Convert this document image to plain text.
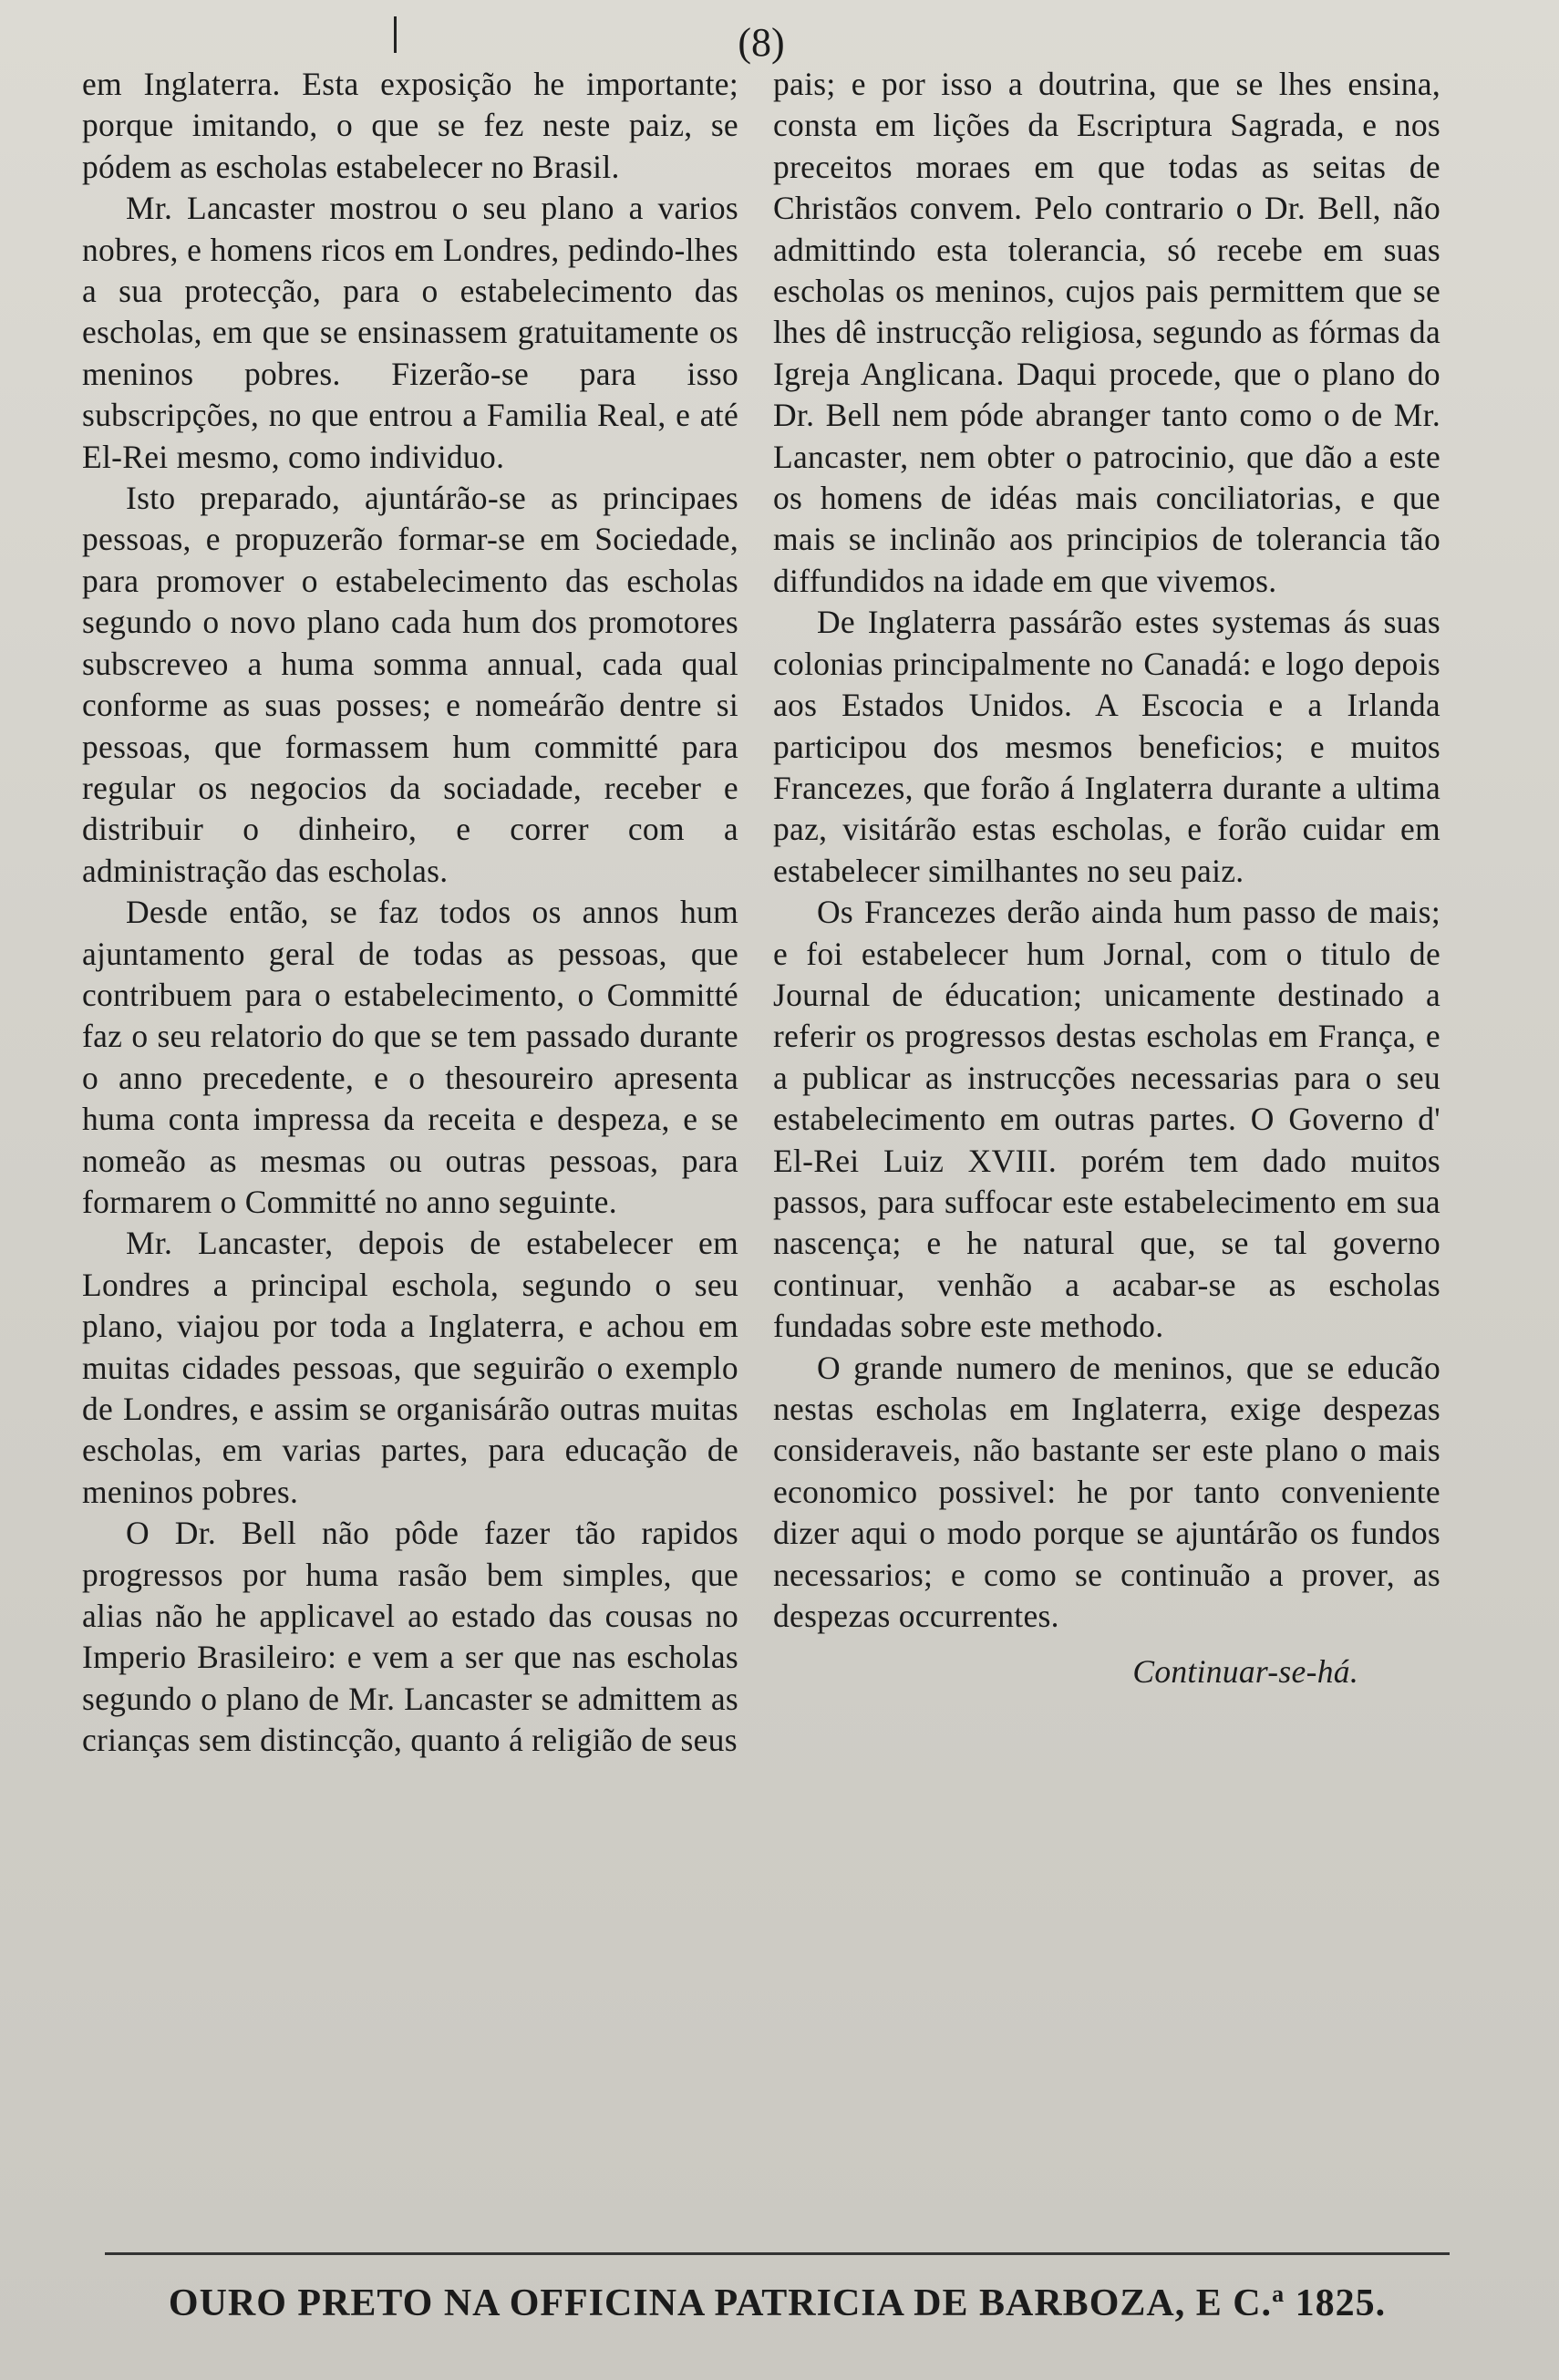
(8)

em Inglaterra. Esta exposição he importante; porque imitando, o que se fez neste paiz, se pódem as escholas estabelecer no Brasil.

Mr. Lancaster mostrou o seu plano a varios nobres, e homens ricos em Londres, pedindo-lhes a sua protecção, para o estabelecimento das escholas, em que se ensinassem gratuitamente os meninos pobres. Fizerão-se para isso subscripções, no que entrou a Familia Real, e até El-Rei mesmo, como individuo.

Isto preparado, ajuntárão-se as principaes pessoas, e propuzerão formar-se em Sociedade, para promover o estabelecimento das escholas segundo o novo plano cada hum dos promotores subscreveo a huma somma annual, cada qual conforme as suas posses; e nomeárão dentre si pessoas, que formassem hum committé para regular os negocios da sociadade, receber e distribuir o dinheiro, e correr com a administração das escholas.

Desde então, se faz todos os annos hum ajuntamento geral de todas as pessoas, que contribuem para o estabelecimento, o Committé faz o seu relatorio do que se tem passado durante o anno precedente, e o thesoureiro apresenta huma conta impressa da receita e despeza, e se nomeão as mesmas ou outras pessoas, para formarem o Committé no anno seguinte.

Mr. Lancaster, depois de estabelecer em Londres a principal eschola, segundo o seu plano, viajou por toda a Inglaterra, e achou em muitas cidades pessoas, que seguirão o exemplo de Londres, e assim se organisárão outras muitas escholas, em varias partes, para educação de meninos pobres.

O Dr. Bell não pôde fazer tão rapidos progressos por huma rasão bem simples, que alias não he applicavel ao estado das cousas no Imperio Brasileiro: e vem a ser que nas escholas segundo o plano de Mr. Lancaster se admittem as crianças sem distincção, quanto á religião de seus

pais; e por isso a doutrina, que se lhes ensina, consta em lições da Escriptura Sagrada, e nos preceitos moraes em que todas as seitas de Christãos convem. Pelo contrario o Dr. Bell, não admittindo esta tolerancia, só recebe em suas escholas os meninos, cujos pais permittem que se lhes dê instrucção religiosa, segundo as fórmas da Igreja Anglicana. Daqui procede, que o plano do Dr. Bell nem póde abranger tanto como o de Mr. Lancaster, nem obter o patrocinio, que dão a este os homens de idéas mais conciliatorias, e que mais se inclinão aos principios de tolerancia tão diffundidos na idade em que vivemos.

De Inglaterra passárão estes systemas ás suas colonias principalmente no Canadá: e logo depois aos Estados Unidos. A Escocia e a Irlanda participou dos mesmos beneficios; e muitos Francezes, que forão á Inglaterra durante a ultima paz, visitárão estas escholas, e forão cuidar em estabelecer similhantes no seu paiz.

Os Francezes derão ainda hum passo de mais; e foi estabelecer hum Jornal, com o titulo de Journal de éducation; unicamente destinado a referir os progressos destas escholas em França, e a publicar as instrucções necessarias para o seu estabelecimento em outras partes. O Governo d' El-Rei Luiz XVIII. porém tem dado muitos passos, para suffocar este estabelecimento em sua nascença; e he natural que, se tal governo continuar, venhão a acabar-se as escholas fundadas sobre este methodo.

O grande numero de meninos, que se educão nestas escholas em Inglaterra, exige despezas consideraveis, não bastante ser este plano o mais economico possivel: he por tanto conveniente dizer aqui o modo porque se ajuntárão os fundos necessarios; e como se continuão a prover, as despezas occurrentes.

Continuar-se-há.

OURO PRETO NA OFFICINA PATRICIA DE BARBOZA, E C.$^a$ 1825.
